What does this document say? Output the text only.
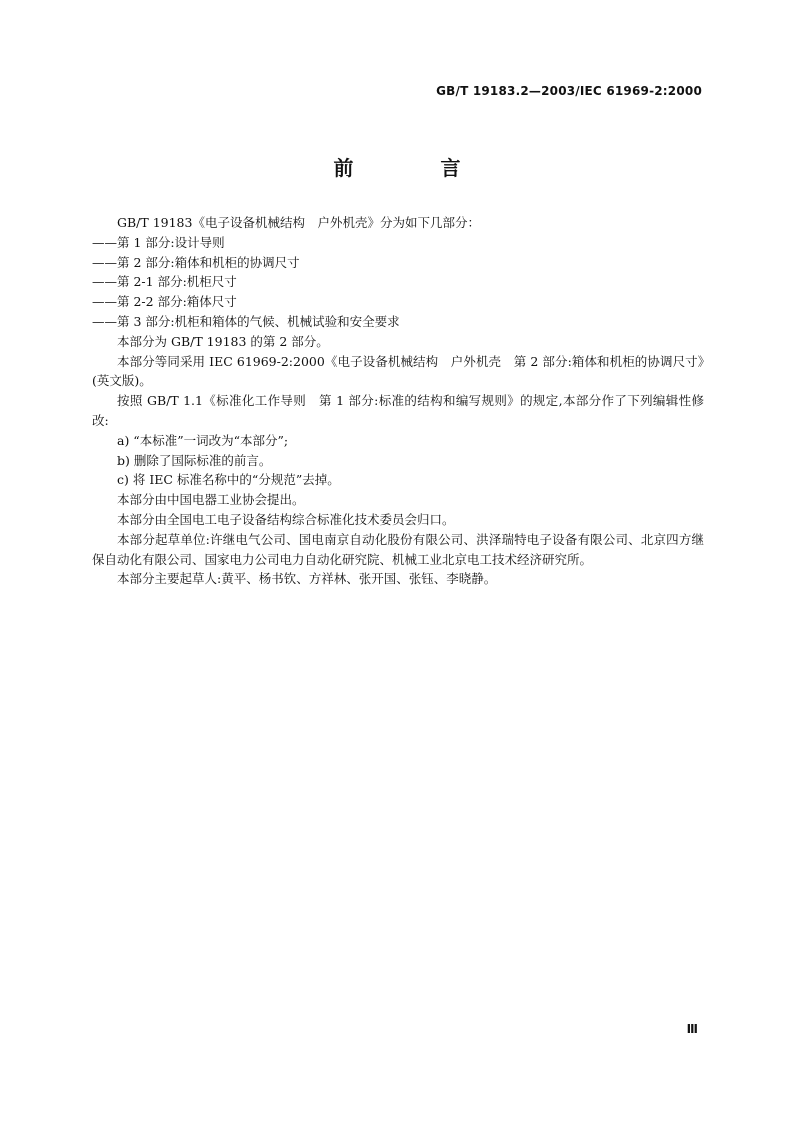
GB/T 19183.2—2003/IEC 61969-2:2000
前 言

GB/T 19183《电子设备机械结构　户外机壳》分为如下几部分：

——第 1 部分:设计导则

——第 2 部分:箱体和机柜的协调尺寸

——第 2-1 部分:机柜尺寸

——第 2-2 部分:箱体尺寸

——第 3 部分:机柜和箱体的气候、机械试验和安全要求

本部分为 GB/T 19183 的第 2 部分。

本部分等同采用 IEC 61969-2:2000《电子设备机械结构　户外机壳　第 2 部分:箱体和机柜的协调尺寸》(英文版)。

按照 GB/T 1.1《标准化工作导则　第 1 部分:标准的结构和编写规则》的规定,本部分作了下列编辑性修改:

a) “本标准”一词改为“本部分”;

b) 删除了国际标准的前言。

c) 将 IEC 标准名称中的“分规范”去掉。

本部分由中国电器工业协会提出。

本部分由全国电工电子设备结构综合标准化技术委员会归口。

本部分起草单位:许继电气公司、国电南京自动化股份有限公司、洪泽瑞特电子设备有限公司、北京四方继保自动化有限公司、国家电力公司电力自动化研究院、机械工业北京电工技术经济研究所。

本部分主要起草人:黄平、杨书钦、方祥林、张开国、张钰、李晓静。

Ⅲ
